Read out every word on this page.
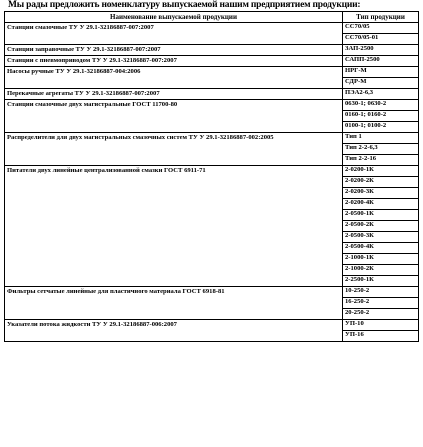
Мы рады предложить номенклатуру выпускаемой нашим предприятием продукции:
Наименование выпускаемой продукции	Тип продукции
Станции смазочные ТУ У 29.1-32186887-007:2007	СС70/05
	СС70/05-01
Станции заправочные ТУ У 29.1-32186887-007:2007	ЗАП-2500
Станции с пневмоприводом ТУ У 29.1-32186887-007:2007	САПП-2500
Насосы ручные ТУ У 29.1-32186887-004:2006	НРГ-М
	СДР-М
Перекачные агрегаты ТУ У 29.1-32186887-007:2007	ПЭА2-6,3
Станции смазочные двух магистральные ГОСТ 11700-80	0630-1; 0630-2
	0160-1; 0160-2
	0100-1; 0100-2
Распределители для двух магистральных смазочных систем ТУ У 29.1-32186887-002:2005	Тип 1
	Тип 2-2-6,3
	Тип 2-2-16
Питатели двух линейные централизованной смазки ГОСТ 6911-71	2-0200-1К
	2-0200-2К
	2-0200-3К
	2-0200-4К
	2-0500-1К
	2-0500-2К
	2-0500-3К
	2-0500-4К
	2-1000-1К
	2-1000-2К
	2-2500-1К
Фильтры сетчатые линейные для пластичного материала ГОСТ 6918-81	10-250-2
	16-250-2
	20-250-2
Указатели потока жидкости ТУ У 29.1-32186887-006:2007	УП-10
	УП-16
